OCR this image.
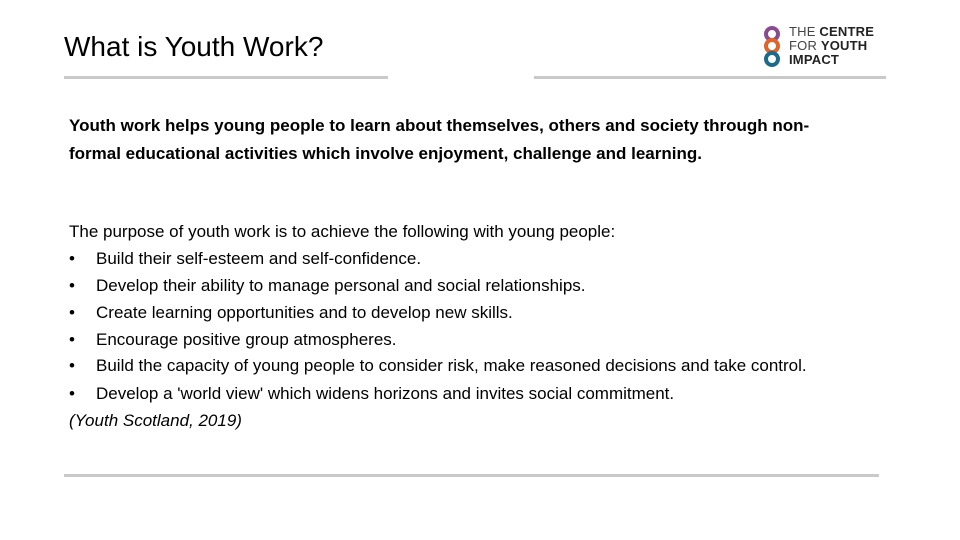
What is Youth Work?	THE CENTRE
FOR YOUTH
IMPACT

Youth work helps young people to learn about themselves, others and society through non-formal educational activities which involve enjoyment, challenge and learning.

The purpose of youth work is to achieve the following with young people:

• Build their self-esteem and self-confidence.
• Develop their ability to manage personal and social relationships.
• Create learning opportunities and to develop new skills.
• Encourage positive group atmospheres.
• Build the capacity of young people to consider risk, make reasoned decisions and take control.
• Develop a 'world view' which widens horizons and invites social commitment.

(Youth Scotland, 2019)
